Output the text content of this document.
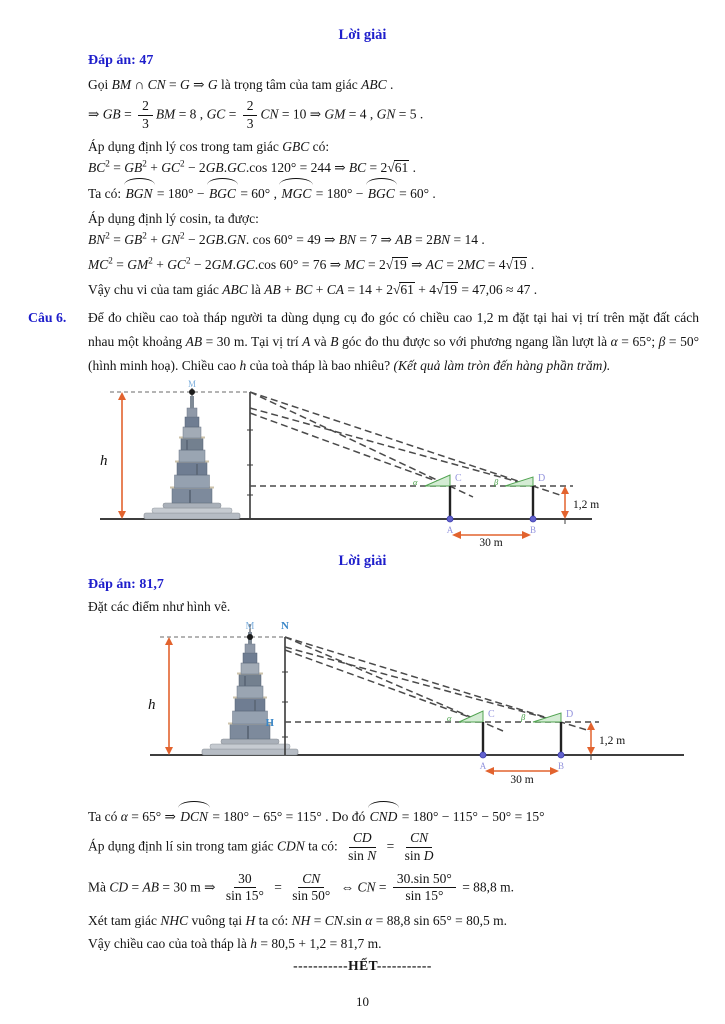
Lời giải
Đáp án: 47
Gọi BM ∩ CN = G ⇒ G là trọng tâm của tam giác ABC .
⇒ GB = $\frac{2}{3}$ BM = 8 , GC = $\frac{2}{3}$ CN = 10 ⇒ GM = 4 , GN = 5 .
Áp dụng định lý cos trong tam giác GBC có:
$BC^2 = GB^2 + GC^2 - 2GB.GC.\cos$ 120° = 244 ⇒ BC = 2√61 .
Ta có: BGN = 180° − BGC = 60° , MGC = 180° − BGC = 60° .
Áp dụng định lý cosin, ta được:
$BN^2 = GB^2 + GN^2 - 2GB.GN$. cos 60° = 49 ⇒ BN = 7 ⇒ AB = 2BN = 14 .
$MC^2 = GM^2 + GC^2 - 2GM.GC.\cos$ 60° = 76 ⇒ MC = 2√19 ⇒ AC = 2MC = 4√19 .
Vậy chu vi của tam giác ABC là AB + BC + CA = 14 + 2√61 + 4√19 = 47,06 ≈ 47 .
Câu 6.	Để đo chiều cao toà tháp người ta dùng dụng cụ đo góc có chiều cao 1,2 m đặt tại hai vị trí trên mặt đất cách nhau một khoảng AB = 30 m. Tại vị trí A và B góc đo thu được so với phương ngang lần lượt là α = 65°; β = 50° (hình minh hoạ). Chiều cao h của toà tháp là bao nhiêu? (Kết quả làm tròn đến hàng phần trăm).
M
h
α	β
C	D
A	B
1,2 m
30 m
Lời giải
Đáp án: 81,7
Đặt các điểm như hình vẽ.
M N
h
H	α	β
C	D
A	B
1,2 m
30 m
Ta có α = 65° ⇒ DCN = 180° − 65° = 115° . Do đó CND = 180° − 115° − 50° = 15°
Áp dụng định lí sin trong tam giác CDN ta có: $\frac{CD}{\text{sin N}} = \frac{CN}{\text{sin D}}$
Mà CD = AB = 30 m ⇒ $\frac{30}{\sin 15^\circ} = \frac{CN}{\sin 50^\circ}$ ⇔ CN = $\frac{30.\sin 50^\circ}{\sin 15^\circ} = 88,8$ m.
Xét tam giác NHC vuông tại H ta có: NH = CN.sin α = 88,8 sin 65° = 80,5 m.
Vậy chiều cao của toà tháp là h = 80,5 + 1,2 = 81,7 m.
-----------HẾT-----------
10
